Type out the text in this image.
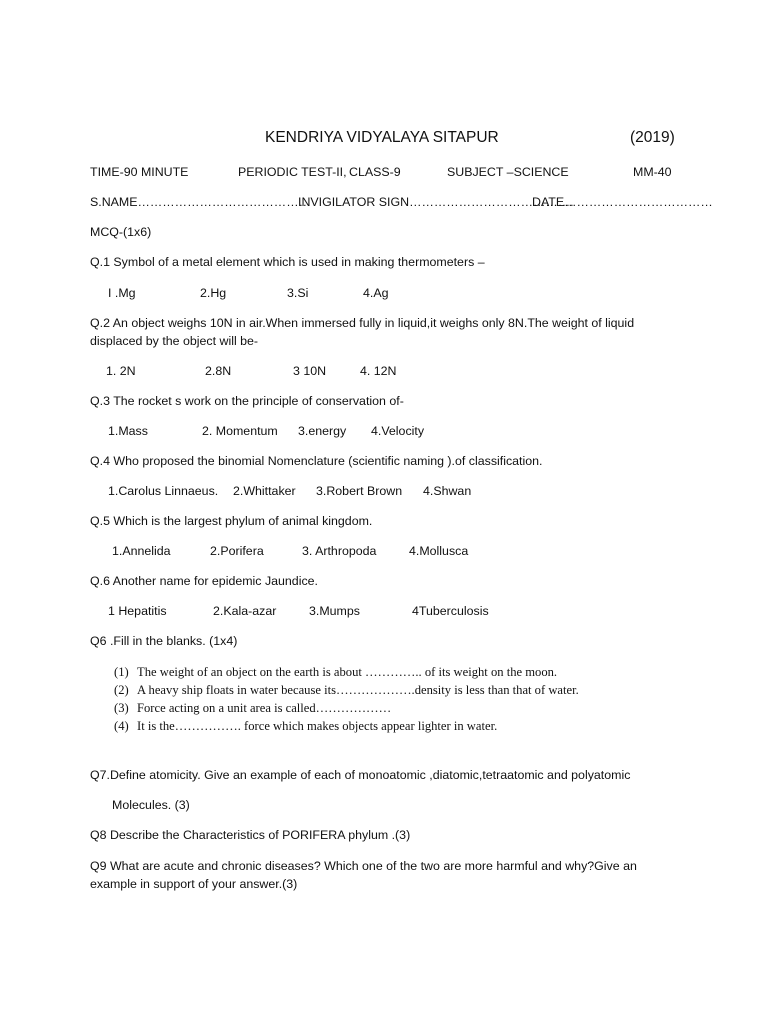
KENDRIYA VIDYALAYA SITAPUR	(2019)
TIME-90 MINUTE	PERIODIC TEST-II, CLASS-9	SUBJECT –SCIENCE	MM-40
S.NAME……………………………………
INVIGILATOR SIGN………………………………….
DATE………………………………
MCQ-(1x6)
Q.1 Symbol of a metal element which is used in making thermometers –
I .Mg	2.Hg	3.Si	4.Ag
Q.2 An object weighs 10N in air.When immersed fully in liquid,it weighs only 8N.The weight of liquid
displaced by the object will be-
1. 2N	2.8N	3 10N	4. 12N
Q.3 The rocket s work on the principle of conservation of-
1.Mass	2. Momentum 3.energy 4.Velocity
Q.4 Who proposed the binomial Nomenclature (scientific naming ).of classification.
1.Carolus Linnaeus. 2.Whittaker 3.Robert Brown 4.Shwan
Q.5 Which is the largest phylum of animal kingdom.
1.Annelida	2.Porifera	3. Arthropoda	4.Mollusca
Q.6 Another name for epidemic Jaundice.
1 Hepatitis	2.Kala-azar	3.Mumps	4Tuberculosis
Q6 .Fill in the blanks. (1x4)
(1) The weight of an object on the earth is about ………….. of its weight on the moon.
(2) A heavy ship floats in water because its……………….density is less than that of water.
(3) Force acting on a unit area is called………………
(4) It is the……………. force which makes objects appear lighter in water.
Q7.Define atomicity. Give an example of each of monoatomic ,diatomic,tetraatomic and polyatomic
Molecules. (3)
Q8 Describe the Characteristics of PORIFERA phylum .(3)
Q9 What are acute and chronic diseases? Which one of the two are more harmful and why?Give an
example in support of your answer.(3)
